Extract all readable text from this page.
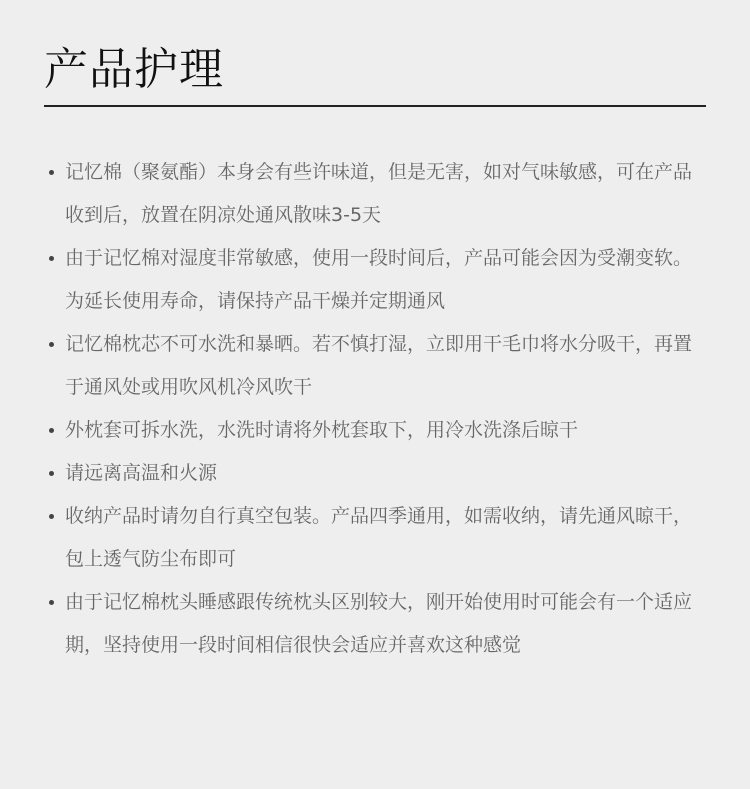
产品护理
记忆棉（聚氨酯）本身会有些许味道，但是无害，如对气味敏感，可在产品收到后，放置在阴凉处通风散味3-5天
由于记忆棉对湿度非常敏感，使用一段时间后，产品可能会因为受潮变软。为延长使用寿命，请保持产品干燥并定期通风
记忆棉枕芯不可水洗和暴晒。若不慎打湿，立即用干毛巾将水分吸干，再置于通风处或用吹风机冷风吹干
外枕套可拆水洗，水洗时请将外枕套取下，用冷水洗涤后晾干
请远离高温和火源
收纳产品时请勿自行真空包装。产品四季通用，如需收纳，请先通风晾干，包上透气防尘布即可
由于记忆棉枕头睡感跟传统枕头区别较大，刚开始使用时可能会有一个适应期，坚持使用一段时间相信很快会适应并喜欢这种感觉
